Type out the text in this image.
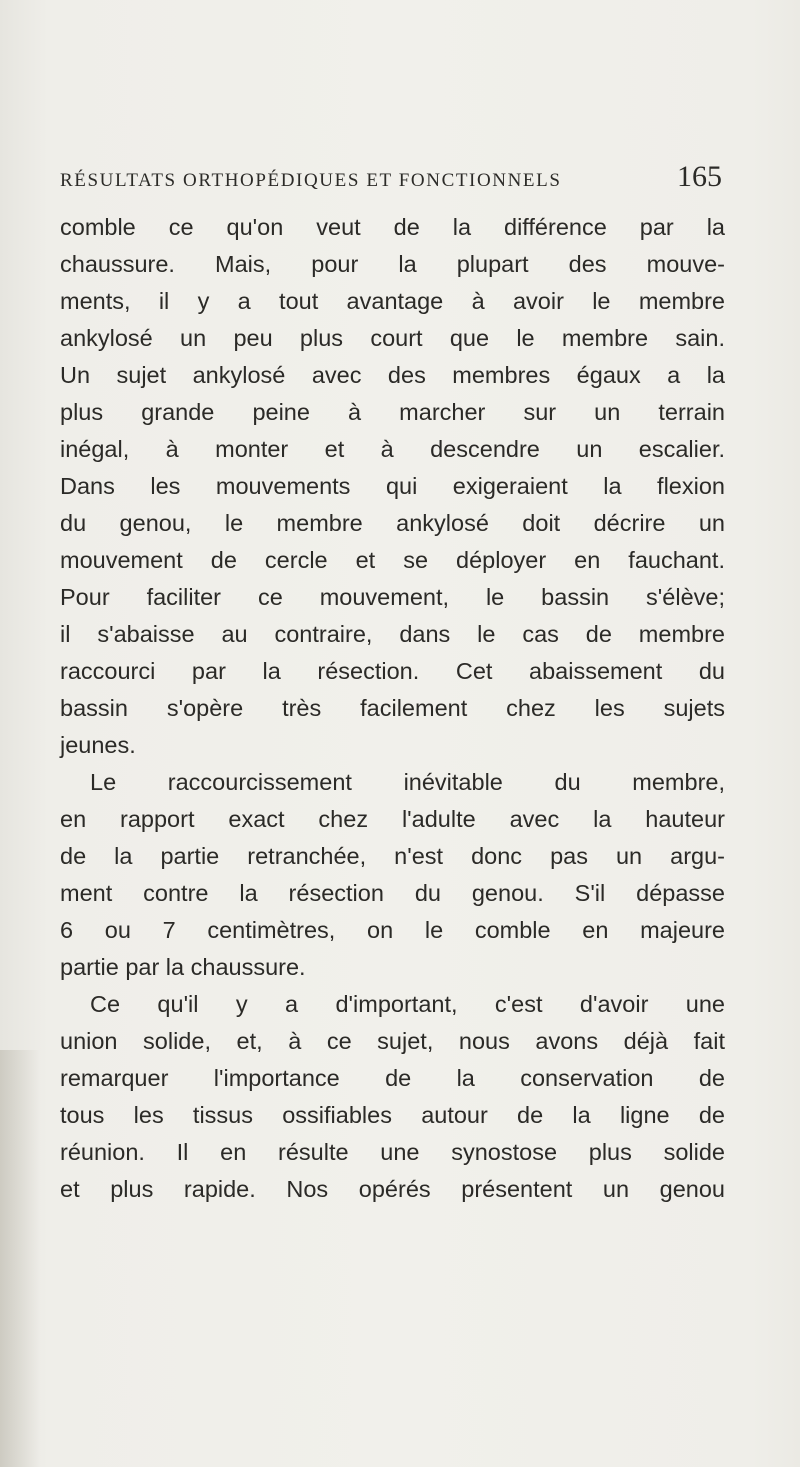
RÉSULTATS ORTHOPÉDIQUES ET FONCTIONNELS	165
comble ce qu'on veut de la différence par la
chaussure. Mais, pour la plupart des mouve-
ments, il y a tout avantage à avoir le membre
ankylosé un peu plus court que le membre sain.
Un sujet ankylosé avec des membres égaux a la
plus grande peine à marcher sur un terrain
inégal, à monter et à descendre un escalier.
Dans les mouvements qui exigeraient la flexion
du genou, le membre ankylosé doit décrire un
mouvement de cercle et se déployer en fauchant.
Pour faciliter ce mouvement, le bassin s'élève;
il s'abaisse au contraire, dans le cas de membre
raccourci par la résection. Cet abaissement du
bassin s'opère très facilement chez les sujets
jeunes.
Le raccourcissement inévitable du membre,
en rapport exact chez l'adulte avec la hauteur
de la partie retranchée, n'est donc pas un argu-
ment contre la résection du genou. S'il dépasse
6 ou 7 centimètres, on le comble en majeure
partie par la chaussure.
Ce qu'il y a d'important, c'est d'avoir une
union solide, et, à ce sujet, nous avons déjà fait
remarquer l'importance de la conservation de
tous les tissus ossifiables autour de la ligne de
réunion. Il en résulte une synostose plus solide
et plus rapide. Nos opérés présentent un genou
